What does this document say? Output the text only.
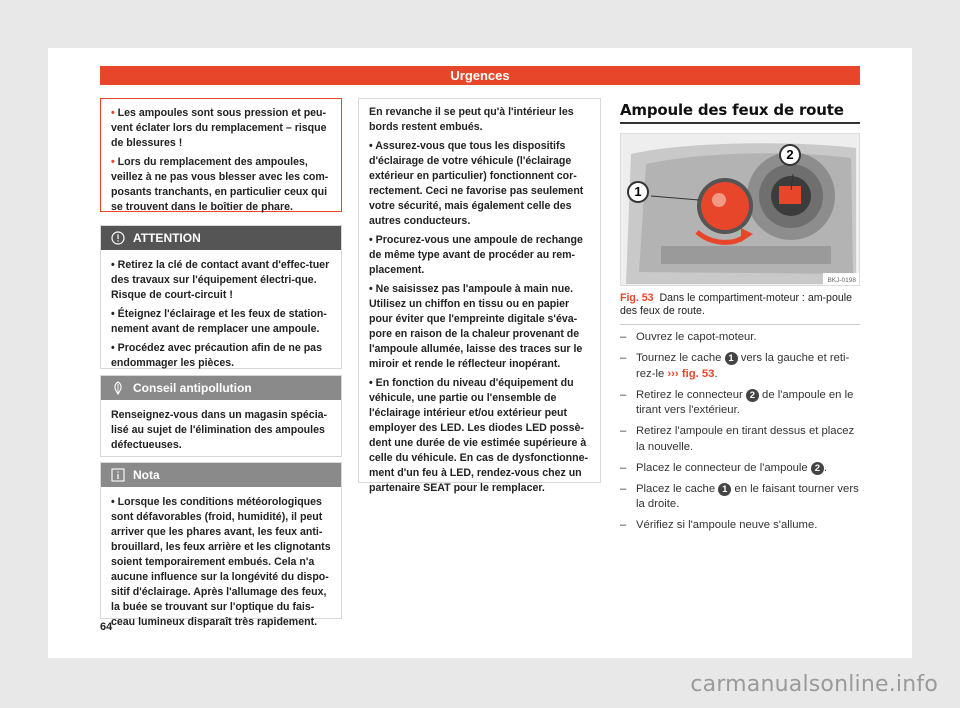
Urgences

• Les ampoules sont sous pression et peu-vent éclater lors du remplacement – risque de blessures !

• Lors du remplacement des ampoules, veillez à ne pas vous blesser avec les com-posants tranchants, en particulier ceux qui se trouvent dans le boîtier de phare.

ATTENTION

• Retirez la clé de contact avant d'effec-tuer des travaux sur l'équipement électri-que. Risque de court-circuit !

• Éteignez l'éclairage et les feux de station-nement avant de remplacer une ampoule.

• Procédez avec précaution afin de ne pas endommager les pièces.

Conseil antipollution

Renseignez-vous dans un magasin spécia-lisé au sujet de l'élimination des ampoules défectueuses.

Nota

• Lorsque les conditions météorologiques sont défavorables (froid, humidité), il peut arriver que les phares avant, les feux anti-brouillard, les feux arrière et les clignotants soient temporairement embués. Cela n'a aucune influence sur la longévité du dispo-sitif d'éclairage. Après l'allumage des feux, la buée se trouvant sur l'optique du fais-ceau lumineux disparaît très rapidement.

En revanche il se peut qu'à l'intérieur les bords restent embués.

• Assurez-vous que tous les dispositifs d'éclairage de votre véhicule (l'éclairage extérieur en particulier) fonctionnent cor-rectement. Ceci ne favorise pas seulement votre sécurité, mais également celle des autres conducteurs.

• Procurez-vous une ampoule de rechange de même type avant de procéder au rem-placement.

• Ne saisissez pas l'ampoule à main nue. Utilisez un chiffon en tissu ou en papier pour éviter que l'empreinte digitale s'éva-pore en raison de la chaleur provenant de l'ampoule allumée, laisse des traces sur le miroir et rende le réflecteur inopérant.

• En fonction du niveau d'équipement du véhicule, une partie ou l'ensemble de l'éclairage intérieur et/ou extérieur peut employer des LED. Les diodes LED possè-dent une durée de vie estimée supérieure à celle du véhicule. En cas de dysfonctionne-ment d'un feu à LED, rendez-vous chez un partenaire SEAT pour le remplacer.

Ampoule des feux de route
1
2
BKJ-0198
Fig. 53 Dans le compartiment-moteur : am-poule des feux de route.
– Ouvrez le capot-moteur.
– Tournez le cache 1 vers la gauche et reti-rez-le ››› fig. 53.
– Retirez le connecteur 2 de l'ampoule en le tirant vers l'extérieur.
– Retirez l'ampoule en tirant dessus et placez la nouvelle.
– Placez le connecteur de l'ampoule 2 .
– Placez le cache 1 en le faisant tourner vers la droite.
– Vérifiez si l'ampoule neuve s'allume.
64
carmanualsonline.info
